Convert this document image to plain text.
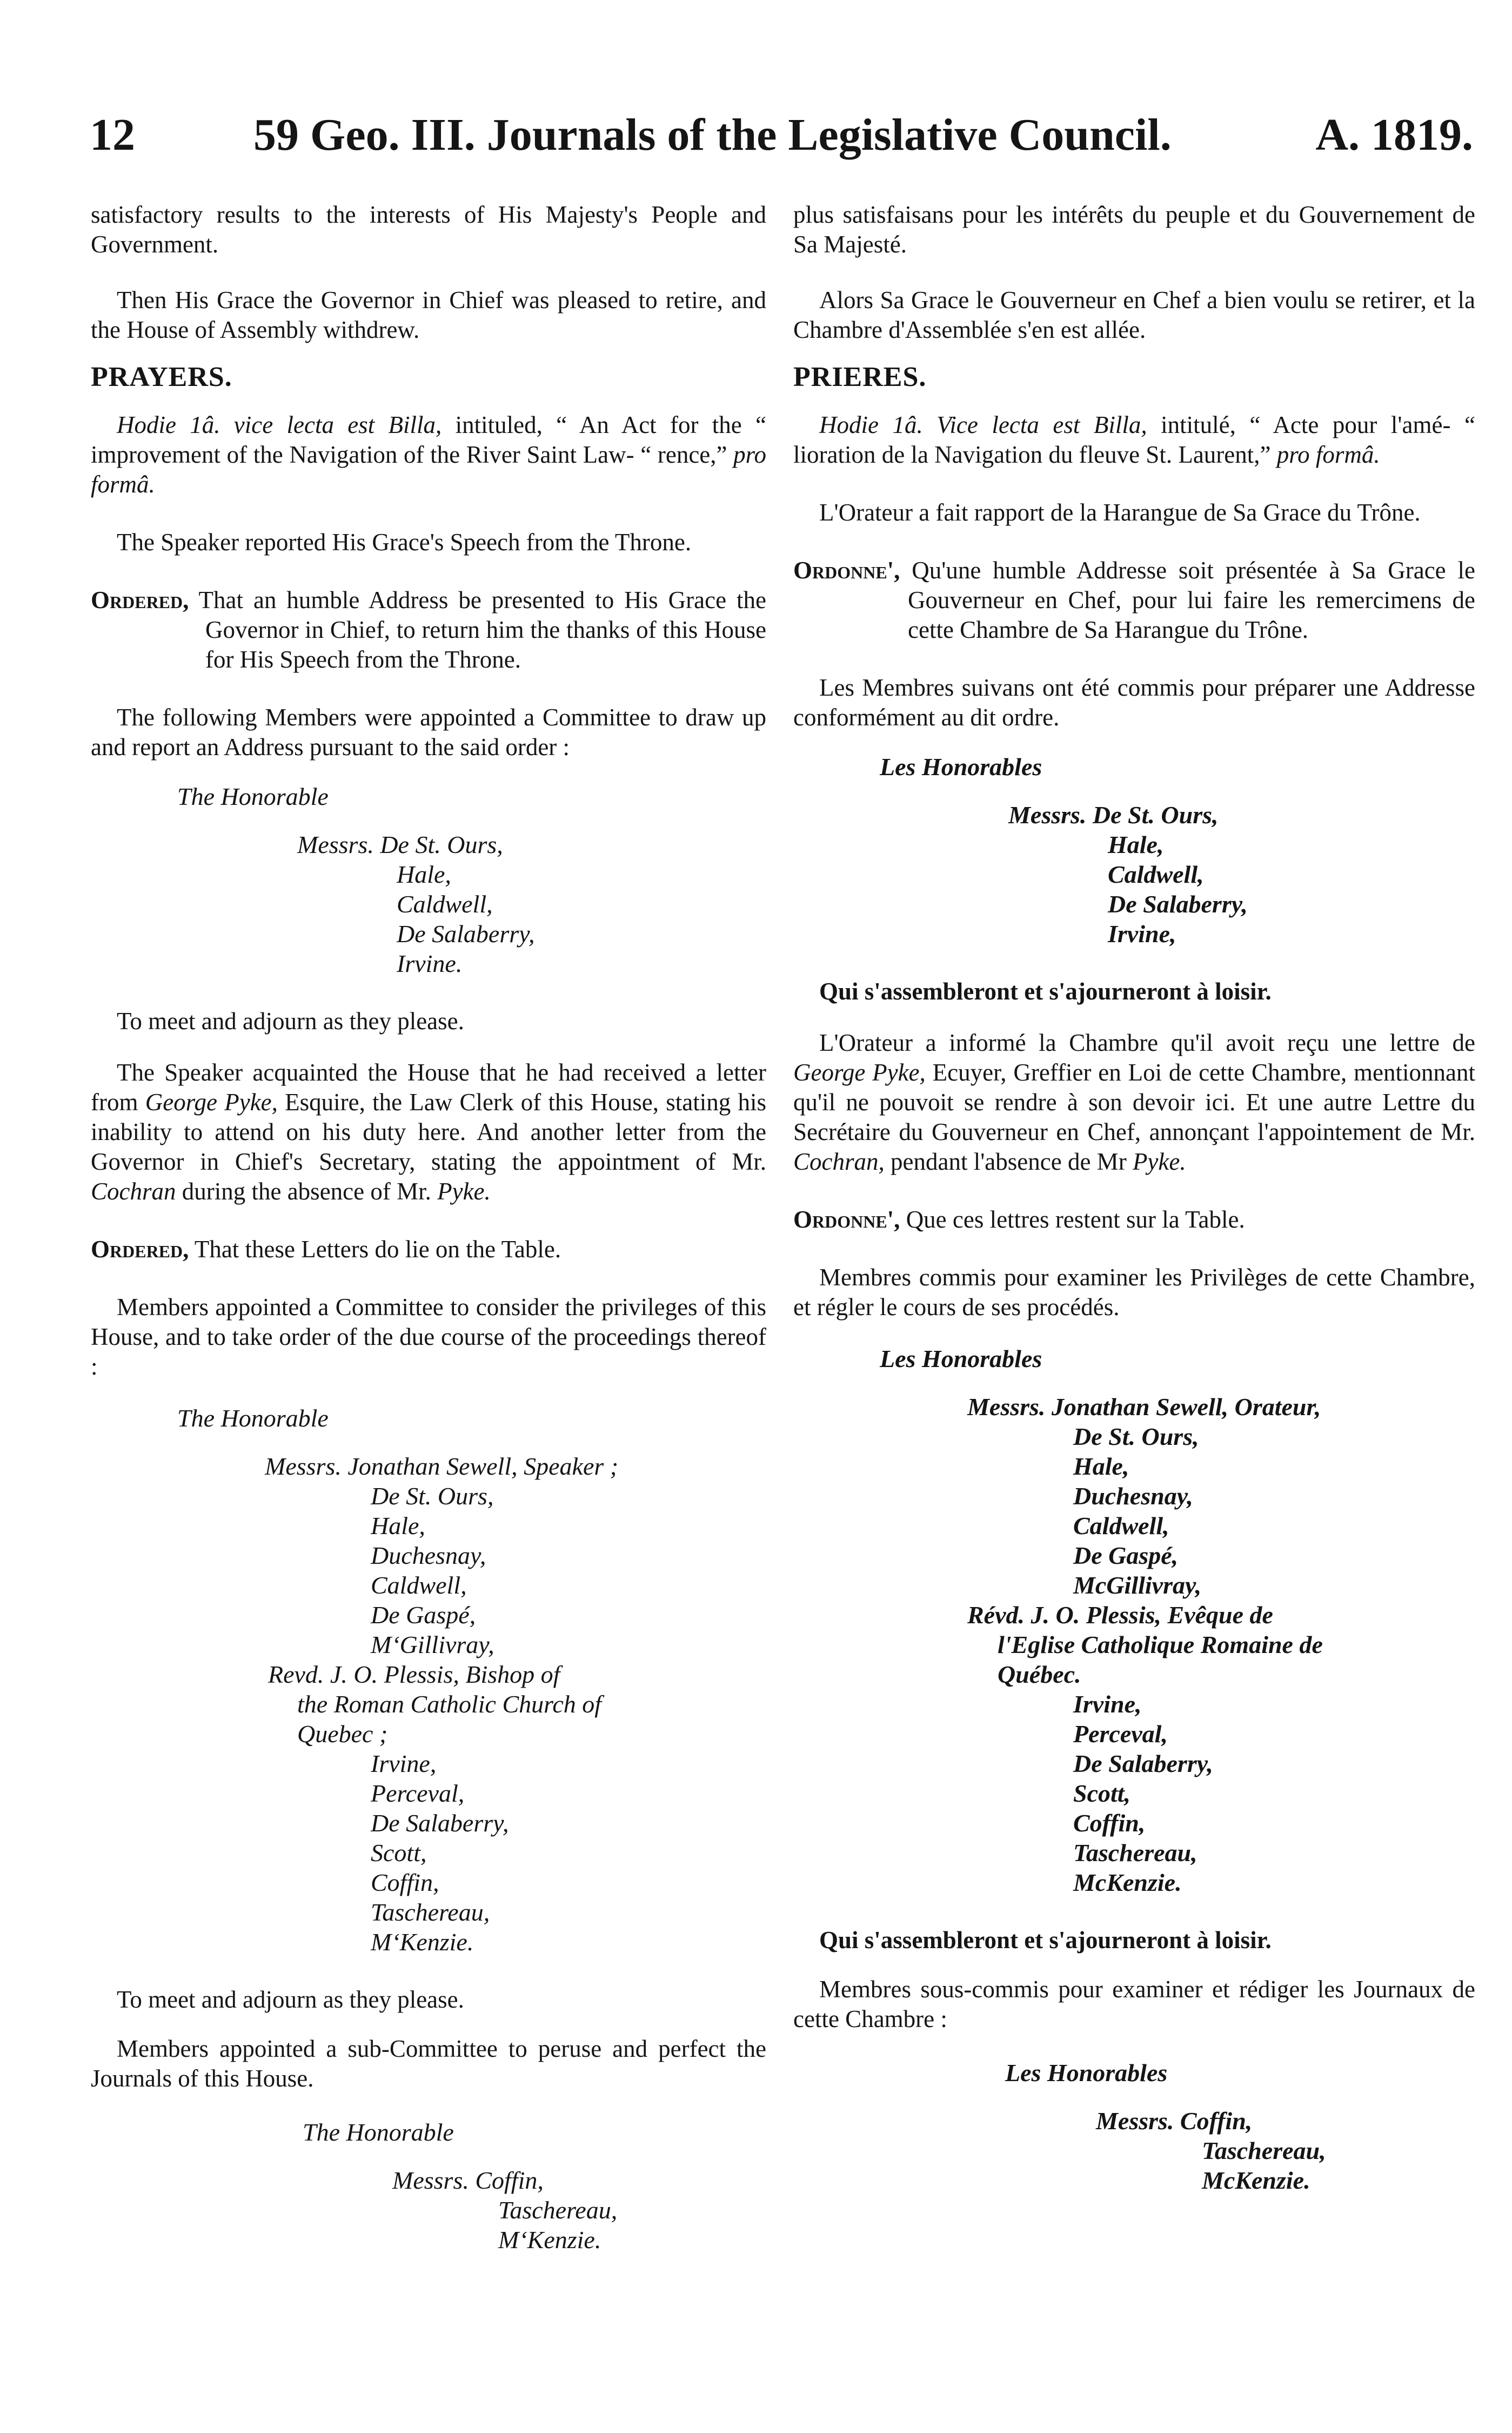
12	59 Geo. III. Journals of the Legislative Council.	A. 1819.

satisfactory results to the interests of His Majesty's People and Government.

Then His Grace the Governor in Chief was pleased to retire, and the House of Assembly withdrew.

PRAYERS.

Hodie 1â. vice lecta est Billa, intituled, “ An Act for the “ improvement of the Navigation of the River Saint Law- “ rence,” pro formâ.

The Speaker reported His Grace's Speech from the Throne.

Ordered, That an humble Address be presented to His Grace the Governor in Chief, to return him the thanks of this House for His Speech from the Throne.

The following Members were appointed a Committee to draw up and report an Address pursuant to the said order :

The Honorable
Messrs. De St. Ours,
Hale,
Caldwell,
De Salaberry,
Irvine.

To meet and adjourn as they please.

The Speaker acquainted the House that he had received a letter from George Pyke, Esquire, the Law Clerk of this House, stating his inability to attend on his duty here. And another letter from the Governor in Chief's Secretary, stating the appointment of Mr. Cochran during the absence of Mr. Pyke.

Ordered, That these Letters do lie on the Table.

Members appointed a Committee to consider the privileges of this House, and to take order of the due course of the proceedings thereof :

The Honorable
Messrs. Jonathan Sewell, Speaker ;
De St. Ours,
Hale,
Duchesnay,
Caldwell,
De Gaspé,
M‘Gillivray,
Revd. J. O. Plessis, Bishop of
the Roman Catholic Church of
Quebec ;
Irvine,
Perceval,
De Salaberry,
Scott,
Coffin,
Taschereau,
M‘Kenzie.

To meet and adjourn as they please.

Members appointed a sub-Committee to peruse and perfect the Journals of this House.

The Honorable
Messrs. Coffin,
Taschereau,
M‘Kenzie.

plus satisfaisans pour les intérêts du peuple et du Gouvernement de Sa Majesté.

Alors Sa Grace le Gouverneur en Chef a bien voulu se retirer, et la Chambre d'Assemblée s'en est allée.

PRIERES.

Hodie 1â. Vice lecta est Billa, intitulé, “ Acte pour l'amé- “ lioration de la Navigation du fleuve St. Laurent,” pro formâ.

L'Orateur a fait rapport de la Harangue de Sa Grace du Trône.

Ordonne', Qu'une humble Addresse soit présentée à Sa Grace le Gouverneur en Chef, pour lui faire les remercimens de cette Chambre de Sa Harangue du Trône.

Les Membres suivans ont été commis pour préparer une Addresse conformément au dit ordre.

Les Honorables
Messrs. De St. Ours,
Hale,
Caldwell,
De Salaberry,
Irvine,

Qui s'assembleront et s'ajourneront à loisir.

L'Orateur a informé la Chambre qu'il avoit reçu une lettre de George Pyke, Ecuyer, Greffier en Loi de cette Chambre, mentionnant qu'il ne pouvoit se rendre à son devoir ici. Et une autre Lettre du Secrétaire du Gouverneur en Chef, annonçant l'appointement de Mr. Cochran, pendant l'absence de Mr Pyke.

Ordonne', Que ces lettres restent sur la Table.

Membres commis pour examiner les Privilèges de cette Chambre, et régler le cours de ses procédés.

Les Honorables
Messrs. Jonathan Sewell, Orateur,
De St. Ours,
Hale,
Duchesnay,
Caldwell,
De Gaspé,
McGillivray,
Révd. J. O. Plessis, Evêque de
l'Eglise Catholique Romaine de
Québec.
Irvine,
Perceval,
De Salaberry,
Scott,
Coffin,
Taschereau,
McKenzie.

Qui s'assembleront et s'ajourneront à loisir.

Membres sous-commis pour examiner et rédiger les Journaux de cette Chambre :

Les Honorables
Messrs. Coffin,
Taschereau,
McKenzie.
